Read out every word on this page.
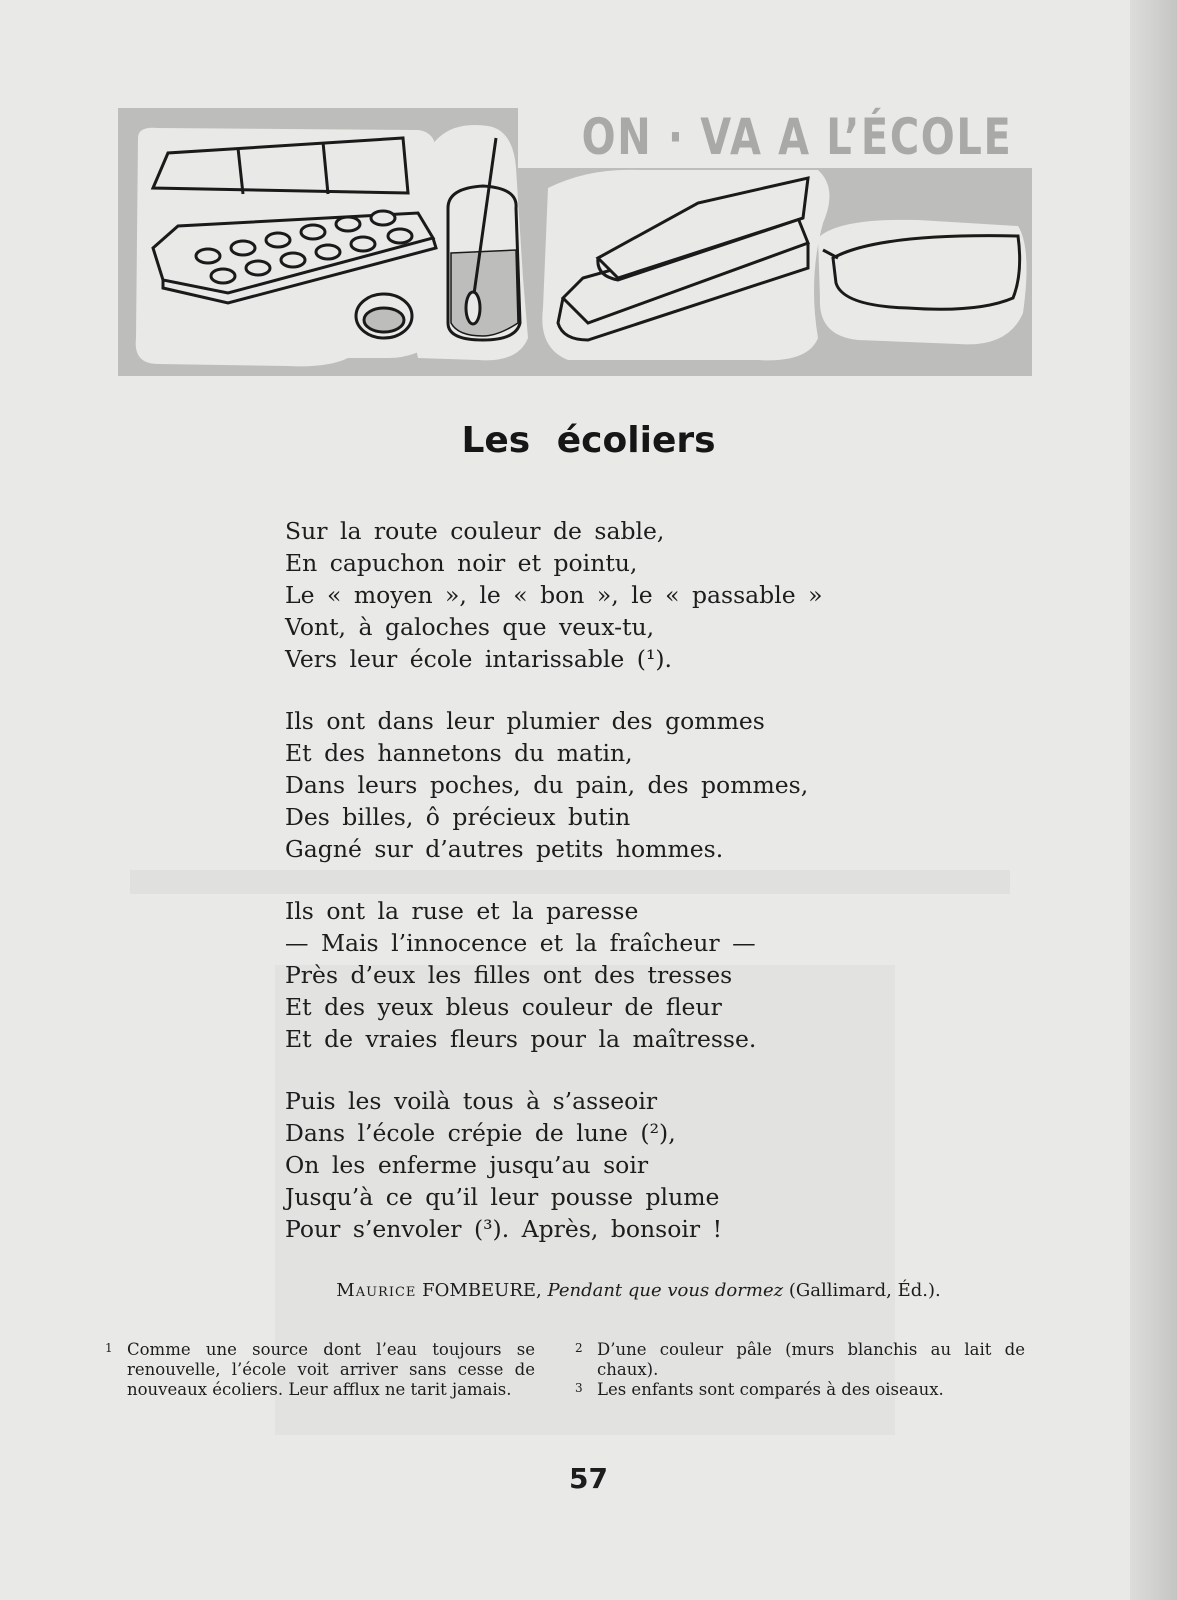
ON · VA A L’ÉCOLE
Les écoliers
Sur la route couleur de sable,
En capuchon noir et pointu,
Le « moyen », le « bon », le « passable »
Vont, à galoches que veux-tu,
Vers leur école intarissable (¹).
Ils ont dans leur plumier des gommes
Et des hannetons du matin,
Dans leurs poches, du pain, des pommes,
Des billes, ô précieux butin
Gagné sur d’autres petits hommes.
Ils ont la ruse et la paresse
— Mais l’innocence et la fraîcheur —
Près d’eux les filles ont des tresses
Et des yeux bleus couleur de fleur
Et de vraies fleurs pour la maîtresse.
Puis les voilà tous à s’asseoir
Dans l’école crépie de lune (²),
On les enferme jusqu’au soir
Jusqu’à ce qu’il leur pousse plume
Pour s’envoler (³). Après, bonsoir !
Maurice FOMBEURE, Pendant que vous dormez (Gallimard, Éd.).
1 Comme une source dont l’eau toujours se renouvelle, l’école voit arriver sans cesse de nouveaux écoliers. Leur afflux ne tarit jamais.
2 D’une couleur pâle (murs blanchis au lait de chaux).
3 Les enfants sont comparés à des oiseaux.
57
